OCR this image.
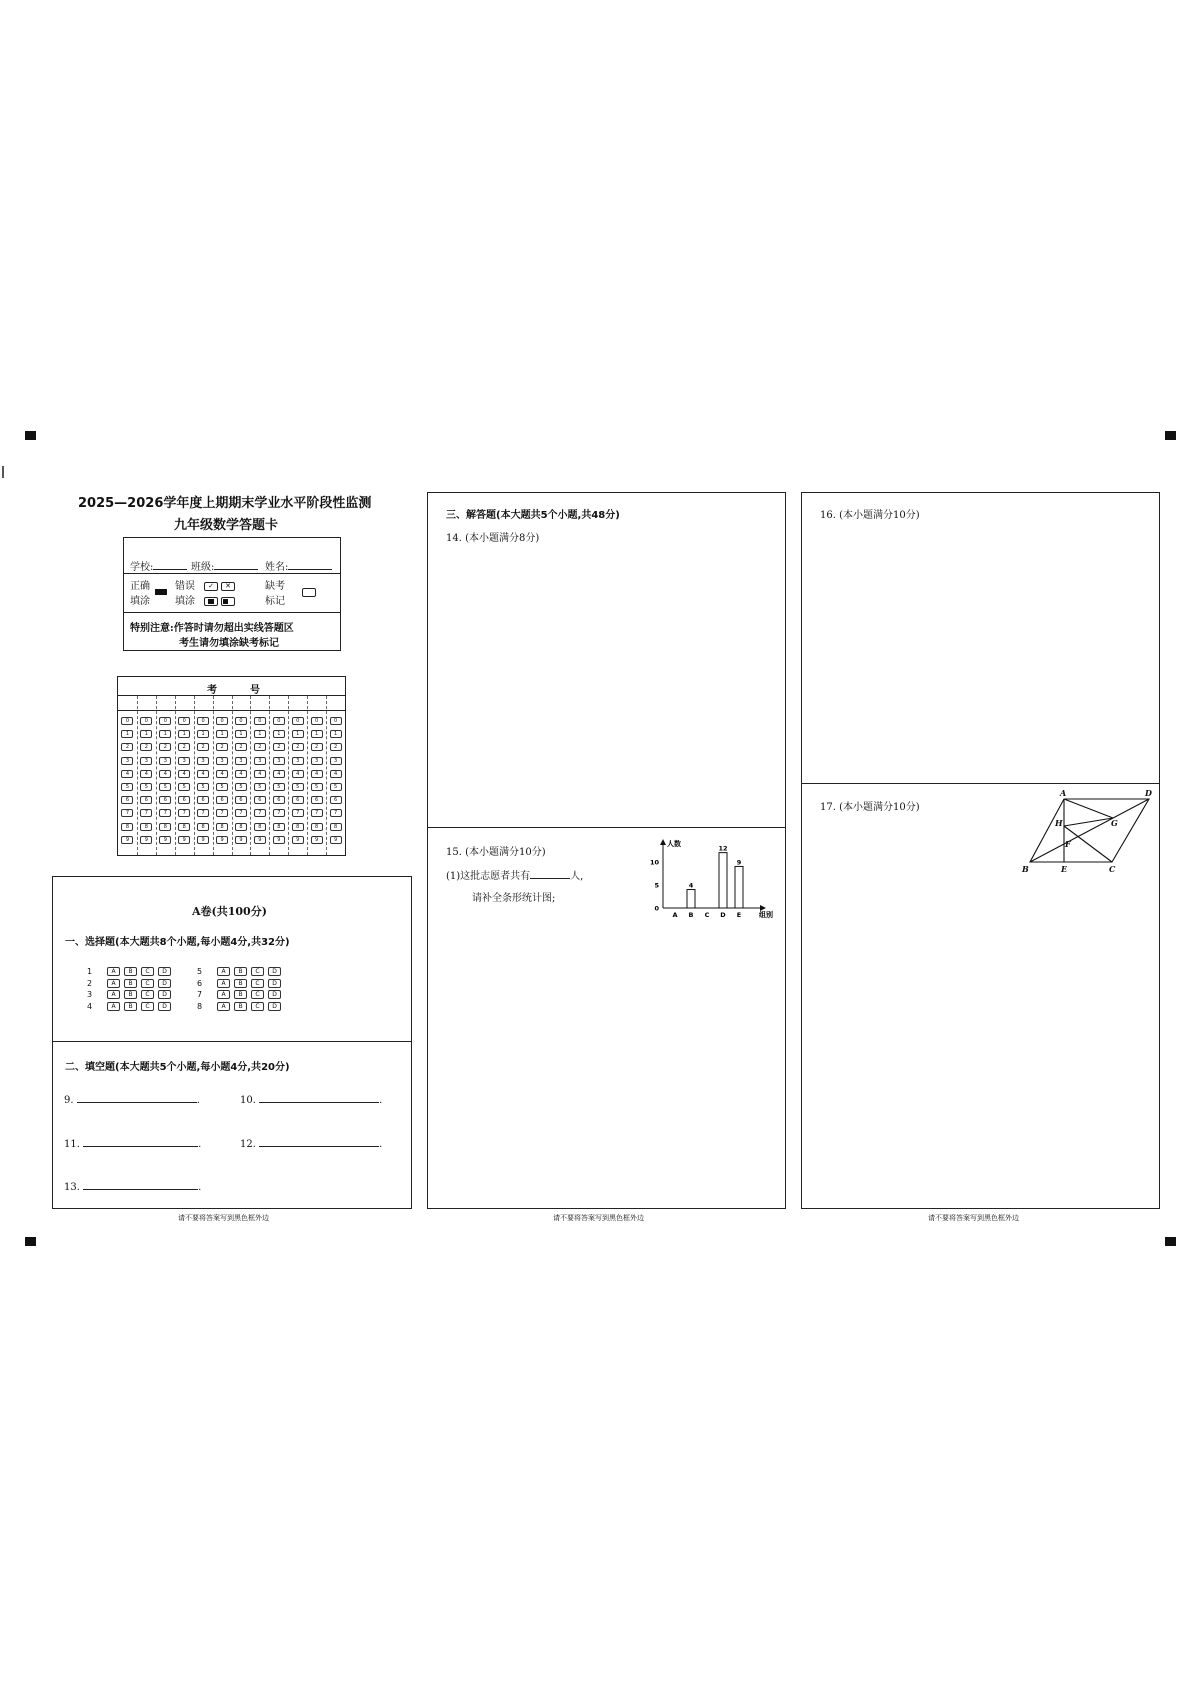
2025—2026学年度上期期末学业水平阶段性监测
九年级数学答题卡
学校:	班级:	姓名:
正确
填涂
错误
填涂
✓	✕	缺考
标记
特别注意:作答时请勿超出实线答题区
考生请勿填涂缺考标记
考	号
0	0	0	0	0	0	0	0	0	0	0	0
1	1	1	1	1	1	1	1	1	1	1	1
2	2	2	2	2	2	2	2	2	2	2	2
3	3	3	3	3	3	3	3	3	3	3	3
4	4	4	4	4	4	4	4	4	4	4	4
5	5	5	5	5	5	5	5	5	5	5	5
6	6	6	6	6	6	6	6	6	6	6	6
7	7	7	7	7	7	7	7	7	7	7	7
8	8	8	8	8	8	8	8	8	8	8	8
9	9	9	9	9	9	9	9	9	9	9	9
A卷(共100分)
一、选择题(本大题共8个小题,每小题4分,共32分)
1	A	B	C	D
2	A	B	C	D
3	A	B	C	D
4	A	B	C	D
5	A	B	C	D
6	A	B	C	D
7	A	B	C	D
8	A	B	C	D
二、填空题(本大题共5个小题,每小题4分,共20分)
9.	.	10.	.
11.	.	12.	.
13.	.
请不要将答案写到黑色框外边
三、解答题(本大题共5个小题,共48分)
14. (本小题满分8分)
15. (本小题满分10分)
(1)这批志愿者共有	人,
请补全条形统计图;
人数
组别
0
5
10
A B
4
C D
12
E
9
请不要将答案写到黑色框外边
16. (本小题满分10分)
17. (本小题满分10分)
A	D
G
H
F
B	E	C
请不要将答案写到黑色框外边
